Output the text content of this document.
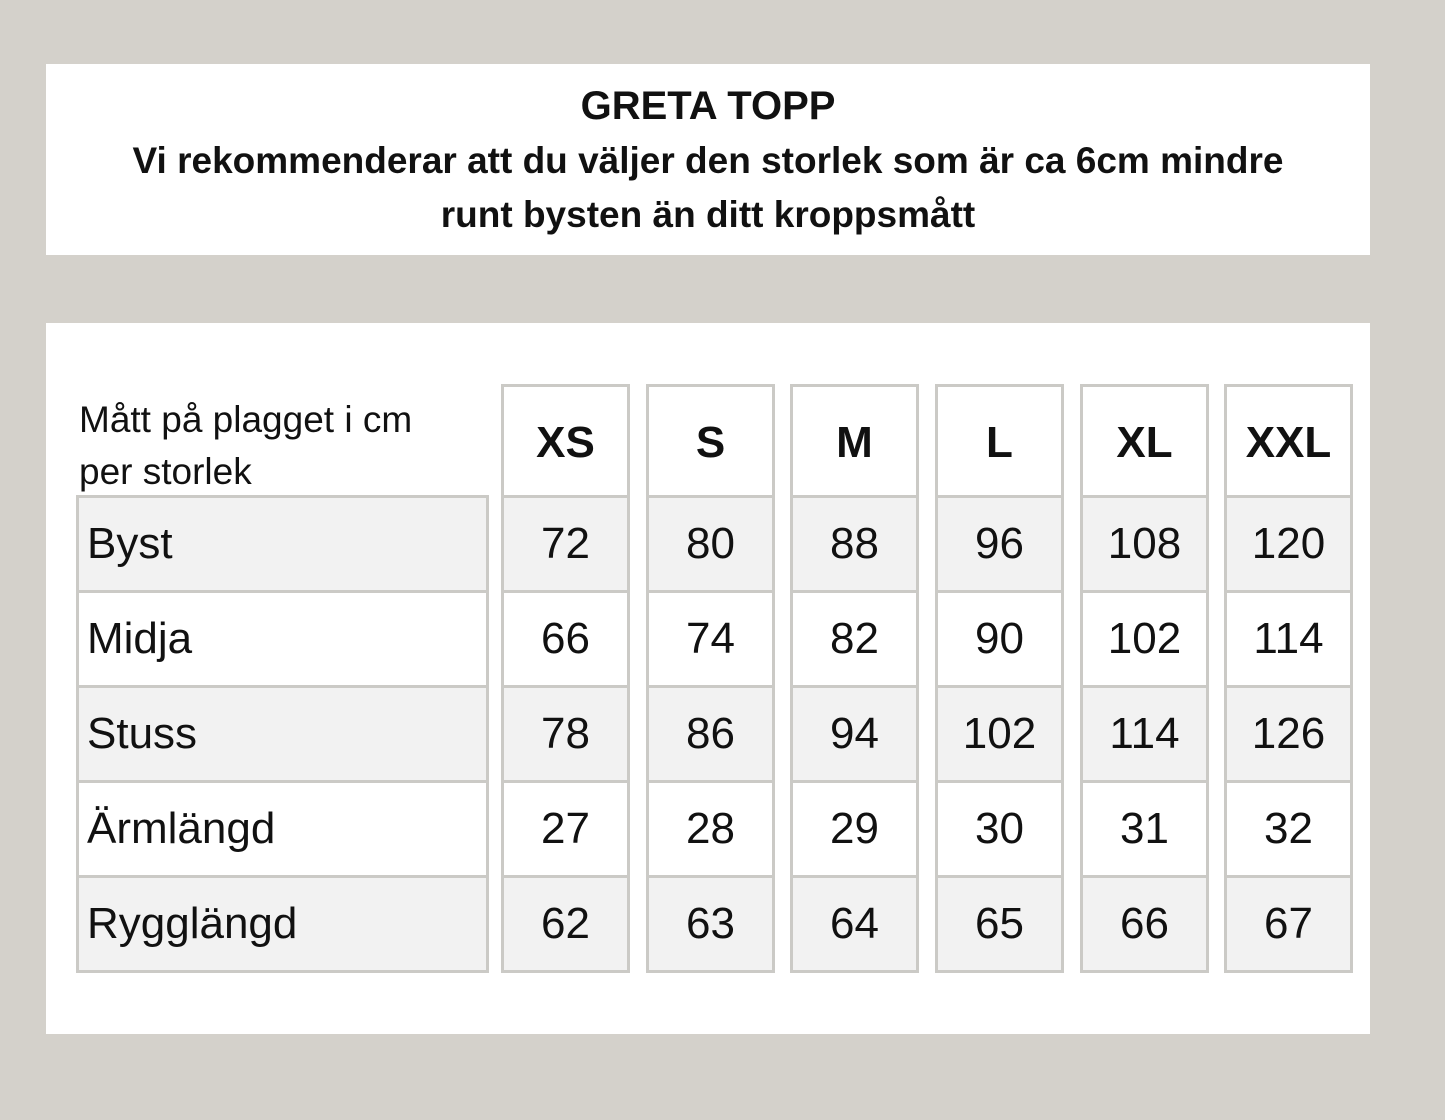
GRETA TOPP

Vi rekommenderar att du väljer den storlek som är ca 6cm mindre

runt bysten än ditt kroppsmått

Mått på plagget i cm
per storlek

Byst
Midja
Stuss
Ärmlängd
Rygglängd
XS
72
66
78
27
62
S
80
74
86
28
63
M
88
82
94
29
64
L
96
90
102
30
65
XL
108
102
114
31
66
XXL
120
114
126
32
67
